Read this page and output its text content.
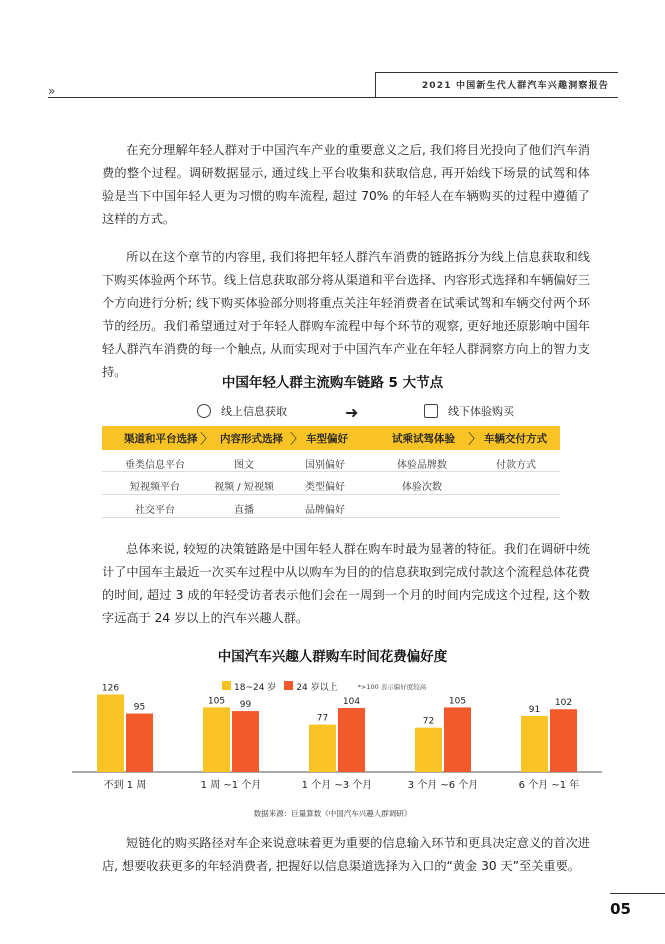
»	2021 中国新生代人群汽车兴趣洞察报告

在充分理解年轻人群对于中国汽车产业的重要意义之后, 我们将目光投向了他们汽车消费的整个过程。调研数据显示, 通过线上平台收集和获取信息, 再开始线下场景的试驾和体验是当下中国年轻人更为习惯的购车流程, 超过 70% 的年轻人在车辆购买的过程中遵循了这样的方式。

所以在这个章节的内容里, 我们将把年轻人群汽车消费的链路拆分为线上信息获取和线下购买体验两个环节。线上信息获取部分将从渠道和平台选择、内容形式选择和车辆偏好三个方向进行分析; 线下购买体验部分则将重点关注年轻消费者在试乘试驾和车辆交付两个环节的经历。我们希望通过对于年轻人群购车流程中每个环节的观察, 更好地还原影响中国年轻人群汽车消费的每一个触点, 从而实现对于中国汽车产业在年轻人群洞察方向上的智力支持。

中国年轻人群主流购车链路 5 大节点
线上信息获取	➜	线下体验购买
渠道和平台选择 〉 内容形式选择 〉 车型偏好	试乘试驾体验 〉 车辆交付方式
垂类信息平台	图文	国别偏好	体验品牌数	付款方式
短视频平台	视频 / 短视频	类型偏好	体验次数
社交平台	直播	品牌偏好

总体来说, 较短的决策链路是中国年轻人群在购车时最为显著的特征。我们在调研中统计了中国车主最近一次买车过程中从以购车为目的的信息获取到完成付款这个流程总体花费的时间, 超过 3 成的年轻受访者表示他们会在一周到一个月的时间内完成这个过程, 这个数字远高于 24 岁以上的汽车兴趣人群。

中国汽车兴趣人群购车时间花费偏好度
18~24 岁	24 岁以上	*>100 表示偏好度较高
126
95
不到 1 周
105 99
1 周 ~1 个月
77
104
1 个月 ~3 个月
72
105
3 个月 ~6 个月
91
102
6 个月 ~1 年
数据来源：巨量算数《中国汽车兴趣人群调研》

短链化的购买路径对车企来说意味着更为重要的信息输入环节和更具决定意义的首次进店, 想要收获更多的年轻消费者, 把握好以信息渠道选择为入口的“黄金 30 天”至关重要。

05
